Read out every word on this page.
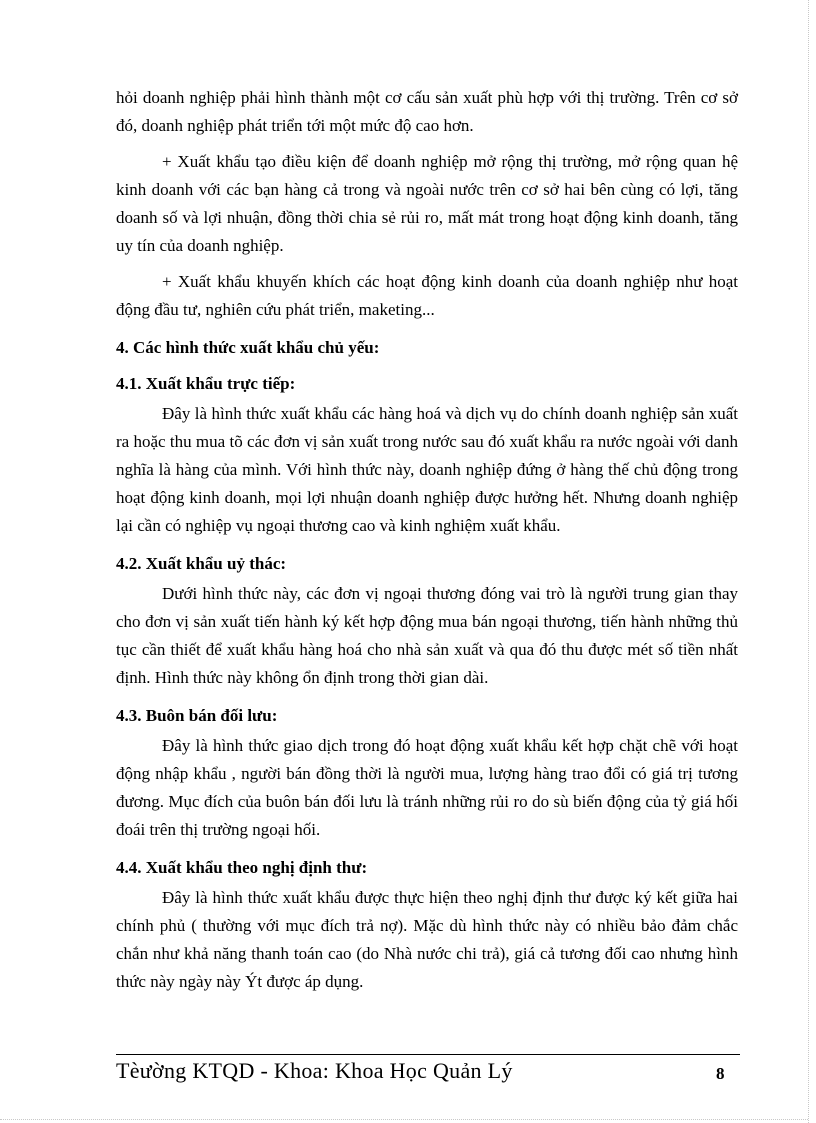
hỏi doanh nghiệp phải hình thành một cơ cấu sản xuất phù hợp với thị trường. Trên cơ sở đó, doanh nghiệp phát triển tới một mức độ cao hơn.

+ Xuất khẩu tạo điều kiện để doanh nghiệp mở rộng thị trường, mở rộng quan hệ kinh doanh với các bạn hàng cả trong và ngoài nước trên cơ sở hai bên cùng có lợi, tăng doanh số và lợi nhuận, đồng thời chia sẻ rủi ro, mất mát trong hoạt động kinh doanh, tăng uy tín của doanh nghiệp.

+ Xuất khẩu khuyến khích các hoạt động kinh doanh của doanh nghiệp như hoạt động đầu tư, nghiên cứu phát triển, maketing...

4. Các hình thức xuất khẩu chủ yếu:
4.1. Xuất khẩu trực tiếp:

Đây là hình thức xuất khẩu các hàng hoá và dịch vụ do chính doanh nghiệp sản xuất ra hoặc thu mua tõ các đơn vị sản xuất trong nước sau đó xuất khẩu ra nước ngoài với danh nghĩa là hàng của mình. Với hình thức này, doanh nghiệp đứng ở hàng thế chủ động trong hoạt động kinh doanh, mọi lợi nhuận doanh nghiệp được hưởng hết. Nhưng doanh nghiệp lại cần có nghiệp vụ ngoại thương cao và kinh nghiệm xuất khẩu.

4.2. Xuất khẩu uỷ thác:

Dưới hình thức này, các đơn vị ngoại thương đóng vai trò là người trung gian thay cho đơn vị sản xuất tiến hành ký kết hợp động mua bán ngoại thương, tiến hành những thủ tục cần thiết để xuất khẩu hàng hoá cho nhà sản xuất và qua đó thu được mét số tiền nhất định. Hình thức này không ổn định trong thời gian dài.

4.3. Buôn bán đối lưu:

Đây là hình thức giao dịch trong đó hoạt động xuất khẩu kết hợp chặt chẽ với hoạt động nhập khẩu , người bán đồng thời là người mua, lượng hàng trao đổi có giá trị tương đương. Mục đích của buôn bán đối lưu là tránh những rủi ro do sù biến động của tỷ giá hối đoái trên thị trường ngoại hối.

4.4. Xuất khẩu theo nghị định thư:

Đây là hình thức xuất khẩu được thực hiện theo nghị định thư được ký kết giữa hai chính phủ ( thường với mục đích trả nợ). Mặc dù hình thức này có nhiều bảo đảm chắc chắn như khả năng thanh toán cao (do Nhà nước chi trả), giá cả tương đối cao nhưng hình thức này ngày này Ýt được áp dụng.

Tèường KTQD - Khoa: Khoa Học Quản Lý	8
